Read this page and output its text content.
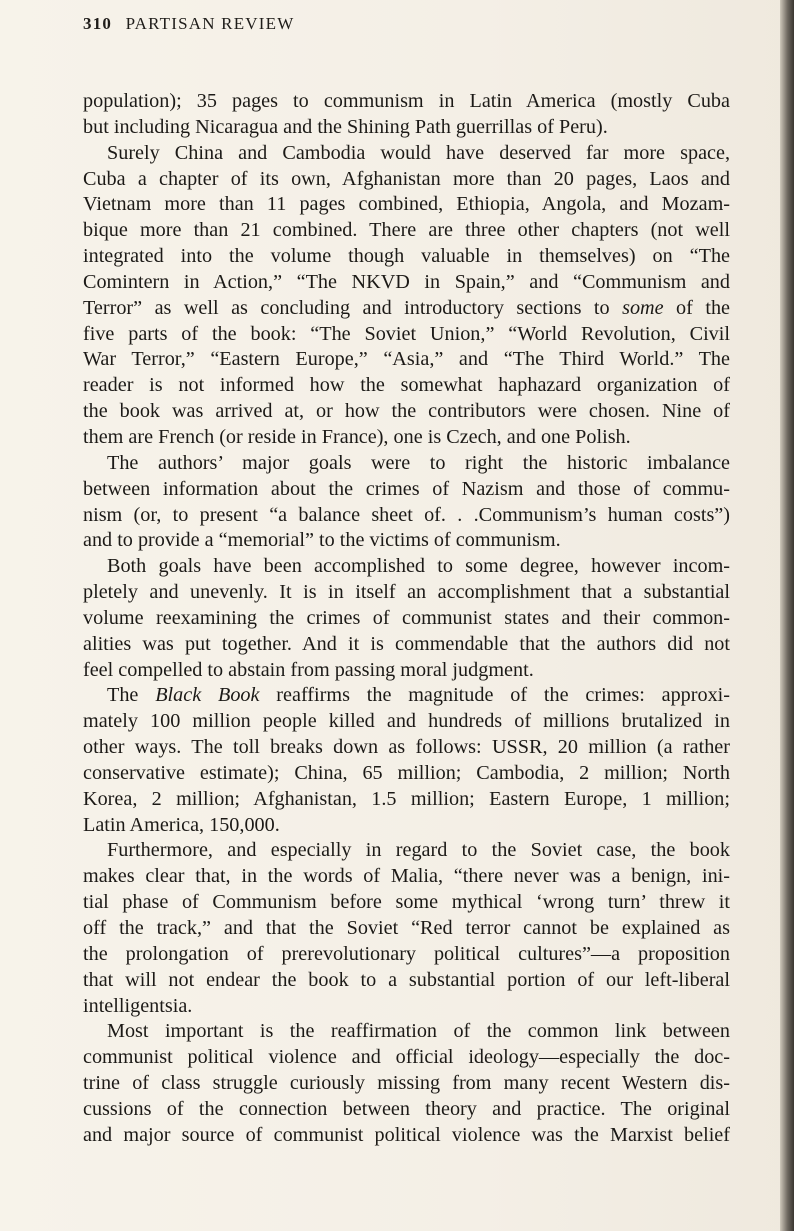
310 PARTISAN REVIEW

population); 35 pages to communism in Latin America (mostly Cuba
but including Nicaragua and the Shining Path guerrillas of Peru).

Surely China and Cambodia would have deserved far more space,
Cuba a chapter of its own, Afghanistan more than 20 pages, Laos and
Vietnam more than 11 pages combined, Ethiopia, Angola, and Mozam-
bique more than 21 combined. There are three other chapters (not well
integrated into the volume though valuable in themselves) on “The
Comintern in Action,” “The NKVD in Spain,” and “Communism and
Terror” as well as concluding and introductory sections to some of the
five parts of the book: “The Soviet Union,” “World Revolution, Civil
War Terror,” “Eastern Europe,” “Asia,” and “The Third World.” The
reader is not informed how the somewhat haphazard organization of
the book was arrived at, or how the contributors were chosen. Nine of
them are French (or reside in France), one is Czech, and one Polish.

The authors’ major goals were to right the historic imbalance
between information about the crimes of Nazism and those of commu-
nism (or, to present “a balance sheet of. . .Communism’s human costs”)
and to provide a “memorial” to the victims of communism.

Both goals have been accomplished to some degree, however incom-
pletely and unevenly. It is in itself an accomplishment that a substantial
volume reexamining the crimes of communist states and their common-
alities was put together. And it is commendable that the authors did not
feel compelled to abstain from passing moral judgment.

The Black Book reaffirms the magnitude of the crimes: approxi-
mately 100 million people killed and hundreds of millions brutalized in
other ways. The toll breaks down as follows: USSR, 20 million (a rather
conservative estimate); China, 65 million; Cambodia, 2 million; North
Korea, 2 million; Afghanistan, 1.5 million; Eastern Europe, 1 million;
Latin America, 150,000.

Furthermore, and especially in regard to the Soviet case, the book
makes clear that, in the words of Malia, “there never was a benign, ini-
tial phase of Communism before some mythical ‘wrong turn’ threw it
off the track,” and that the Soviet “Red terror cannot be explained as
the prolongation of prerevolutionary political cultures”—a proposition
that will not endear the book to a substantial portion of our left-liberal
intelligentsia.

Most important is the reaffirmation of the common link between
communist political violence and official ideology—especially the doc-
trine of class struggle curiously missing from many recent Western dis-
cussions of the connection between theory and practice. The original
and major source of communist political violence was the Marxist belief
